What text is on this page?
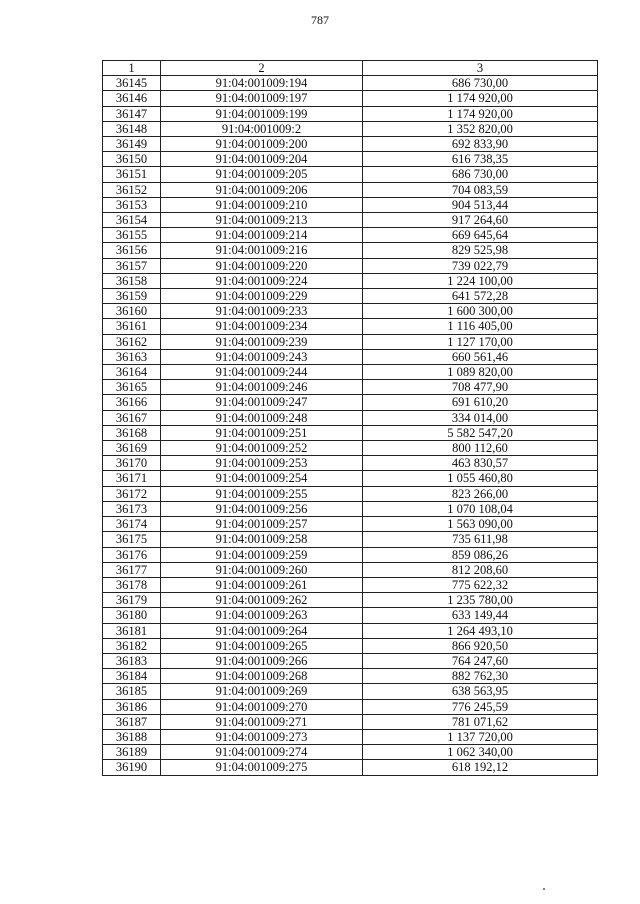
787
1	2	3
36145	91:04:001009:194	686 730,00
36146	91:04:001009:197	1 174 920,00
36147	91:04:001009:199	1 174 920,00
36148	91:04:001009:2	1 352 820,00
36149	91:04:001009:200	692 833,90
36150	91:04:001009:204	616 738,35
36151	91:04:001009:205	686 730,00
36152	91:04:001009:206	704 083,59
36153	91:04:001009:210	904 513,44
36154	91:04:001009:213	917 264,60
36155	91:04:001009:214	669 645,64
36156	91:04:001009:216	829 525,98
36157	91:04:001009:220	739 022,79
36158	91:04:001009:224	1 224 100,00
36159	91:04:001009:229	641 572,28
36160	91:04:001009:233	1 600 300,00
36161	91:04:001009:234	1 116 405,00
36162	91:04:001009:239	1 127 170,00
36163	91:04:001009:243	660 561,46
36164	91:04:001009:244	1 089 820,00
36165	91:04:001009:246	708 477,90
36166	91:04:001009:247	691 610,20
36167	91:04:001009:248	334 014,00
36168	91:04:001009:251	5 582 547,20
36169	91:04:001009:252	800 112,60
36170	91:04:001009:253	463 830,57
36171	91:04:001009:254	1 055 460,80
36172	91:04:001009:255	823 266,00
36173	91:04:001009:256	1 070 108,04
36174	91:04:001009:257	1 563 090,00
36175	91:04:001009:258	735 611,98
36176	91:04:001009:259	859 086,26
36177	91:04:001009:260	812 208,60
36178	91:04:001009:261	775 622,32
36179	91:04:001009:262	1 235 780,00
36180	91:04:001009:263	633 149,44
36181	91:04:001009:264	1 264 493,10
36182	91:04:001009:265	866 920,50
36183	91:04:001009:266	764 247,60
36184	91:04:001009:268	882 762,30
36185	91:04:001009:269	638 563,95
36186	91:04:001009:270	776 245,59
36187	91:04:001009:271	781 071,62
36188	91:04:001009:273	1 137 720,00
36189	91:04:001009:274	1 062 340,00
36190	91:04:001009:275	618 192,12
